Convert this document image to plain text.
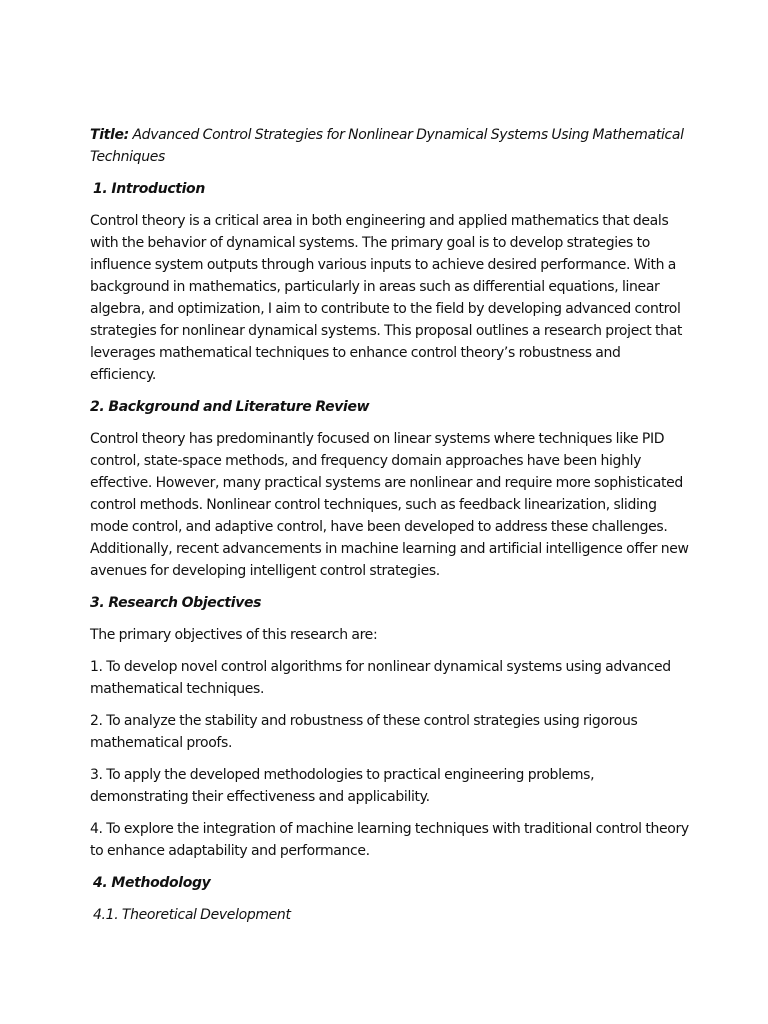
Title: Advanced Control Strategies for Nonlinear Dynamical Systems Using Mathematical Techniques

1. Introduction

Control theory is a critical area in both engineering and applied mathematics that deals with the behavior of dynamical systems. The primary goal is to develop strategies to influence system outputs through various inputs to achieve desired performance. With a background in mathematics, particularly in areas such as differential equations, linear algebra, and optimization, I aim to contribute to the field by developing advanced control strategies for nonlinear dynamical systems. This proposal outlines a research project that leverages mathematical techniques to enhance control theory’s robustness and efficiency.

2. Background and Literature Review

Control theory has predominantly focused on linear systems where techniques like PID control, state-space methods, and frequency domain approaches have been highly effective. However, many practical systems are nonlinear and require more sophisticated control methods. Nonlinear control techniques, such as feedback linearization, sliding mode control, and adaptive control, have been developed to address these challenges. Additionally, recent advancements in machine learning and artificial intelligence offer new avenues for developing intelligent control strategies.

3. Research Objectives

The primary objectives of this research are:

1. To develop novel control algorithms for nonlinear dynamical systems using advanced mathematical techniques.

2. To analyze the stability and robustness of these control strategies using rigorous mathematical proofs.

3. To apply the developed methodologies to practical engineering problems, demonstrating their effectiveness and applicability.

4. To explore the integration of machine learning techniques with traditional control theory to enhance adaptability and performance.

4. Methodology

4.1. Theoretical Development
